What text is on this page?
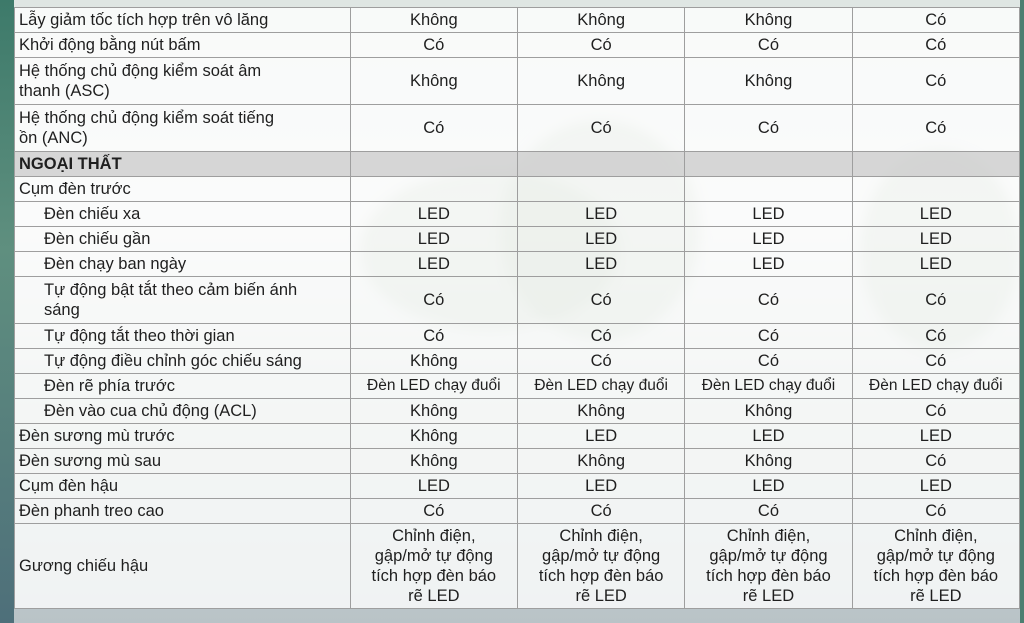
Lẫy giảm tốc tích hợp trên vô lăng	Không	Không	Không	Có
Khởi động bằng nút bấm	Có	Có	Có	Có
Hệ thống chủ động kiểm soát âm thanh (ASC)	Không	Không	Không	Có
Hệ thống chủ động kiểm soát tiếng ồn (ANC)	Có	Có	Có	Có
NGOẠI THẤT				
Cụm đèn trước				
Đèn chiếu xa	LED	LED	LED	LED
Đèn chiếu gần	LED	LED	LED	LED
Đèn chạy ban ngày	LED	LED	LED	LED
Tự động bật tắt theo cảm biến ánh sáng	Có	Có	Có	Có
Tự động tắt theo thời gian	Có	Có	Có	Có
Tự động điều chỉnh góc chiếu sáng	Không	Có	Có	Có
Đèn rẽ phía trước	Đèn LED chạy đuổi	Đèn LED chạy đuổi	Đèn LED chạy đuổi	Đèn LED chạy đuổi
Đèn vào cua chủ động (ACL)	Không	Không	Không	Có
Đèn sương mù trước	Không	LED	LED	LED
Đèn sương mù sau	Không	Không	Không	Có
Cụm đèn hậu	LED	LED	LED	LED
Đèn phanh treo cao	Có	Có	Có	Có
Gương chiếu hậu	Chỉnh điện, gập/mở tự động tích hợp đèn báo rẽ LED	Chỉnh điện, gập/mở tự động tích hợp đèn báo rẽ LED	Chỉnh điện, gập/mở tự động tích hợp đèn báo rẽ LED	Chỉnh điện, gập/mở tự động tích hợp đèn báo rẽ LED
